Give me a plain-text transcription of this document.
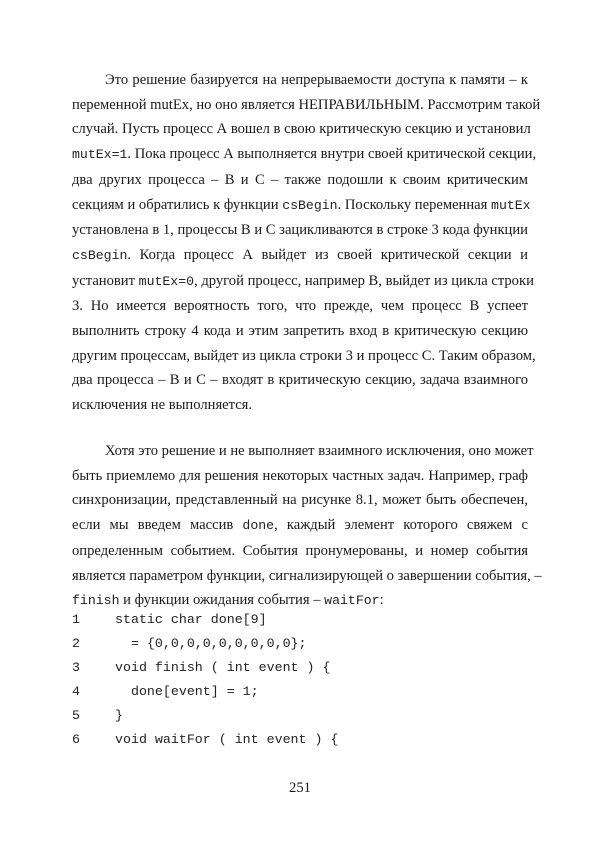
Это решение базируется на непрерываемости доступа к памяти – к
переменной mutEx, но оно является НЕПРАВИЛЬНЫМ. Рассмотрим такой
случай. Пусть процесс А вошел в свою критическую секцию и установил
mutEx=1. Пока процесс А выполняется внутри своей критической секции,
два других процесса – В и С – также подошли к своим критическим
секциям и обратились к функции csBegin. Поскольку переменная mutEx
установлена в 1, процессы В и С зацикливаются в строке 3 кода функции
csBegin. Когда процесс А выйдет из своей критической секции и
установит mutEx=0, другой процесс, например В, выйдет из цикла строки
3. Но имеется вероятность того, что прежде, чем процесс В успеет
выполнить строку 4 кода и этим запретить вход в критическую секцию
другим процессам, выйдет из цикла строки 3 и процесс С. Таким образом,
два процесса – В и С – входят в критическую секцию, задача взаимного
исключения не выполняется.
Хотя это решение и не выполняет взаимного исключения, оно может
быть приемлемо для решения некоторых частных задач. Например, граф
синхронизации, представленный на рисунке 8.1, может быть обеспечен,
если мы введем массив done, каждый элемент которого свяжем с
определенным событием. События пронумерованы, и номер события
является параметром функции, сигнализирующей о завершении события, –
finish и функции ожидания события – waitFor:

1

	static char done[9]

2

	= {0,0,0,0,0,0,0,0,0};

3

	void finish ( int event ) {

4

	done[event] = 1;

5

	}

6

	void waitFor ( int event ) {

251
